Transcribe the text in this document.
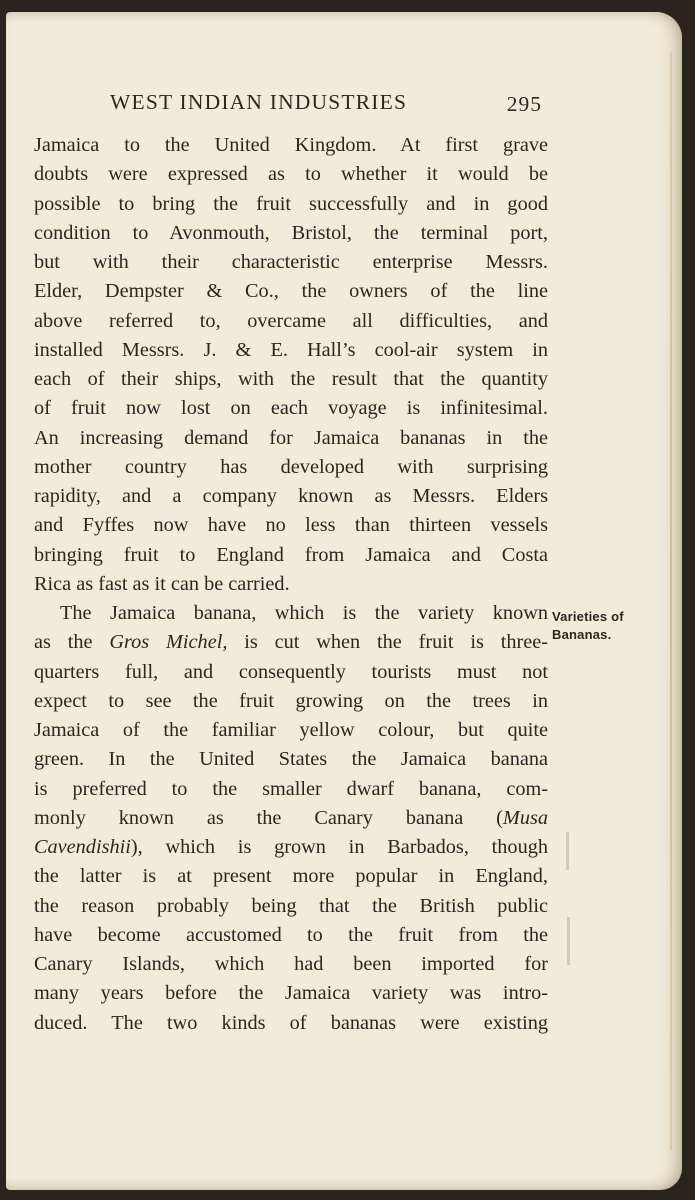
WEST INDIAN INDUSTRIES	295
Jamaica to the United Kingdom. At first grave
doubts were expressed as to whether it would be
possible to bring the fruit successfully and in good
condition to Avonmouth, Bristol, the terminal port,
but with their characteristic enterprise Messrs.
Elder, Dempster & Co., the owners of the line
above referred to, overcame all difficulties, and
installed Messrs. J. & E. Hall’s cool-air system in
each of their ships, with the result that the quantity
of fruit now lost on each voyage is infinitesimal.
An increasing demand for Jamaica bananas in the
mother country has developed with surprising
rapidity, and a company known as Messrs. Elders
and Fyffes now have no less than thirteen vessels
bringing fruit to England from Jamaica and Costa
Rica as fast as it can be carried.
The Jamaica banana, which is the variety known
as the Gros Michel, is cut when the fruit is three-
quarters full, and consequently tourists must not
expect to see the fruit growing on the trees in
Jamaica of the familiar yellow colour, but quite
green. In the United States the Jamaica banana
is preferred to the smaller dwarf banana, com-
monly known as the Canary banana (Musa
Cavendishii), which is grown in Barbados, though
the latter is at present more popular in England,
the reason probably being that the British public
have become accustomed to the fruit from the
Canary Islands, which had been imported for
many years before the Jamaica variety was intro-
duced. The two kinds of bananas were existing
Varieties of
Bananas.
